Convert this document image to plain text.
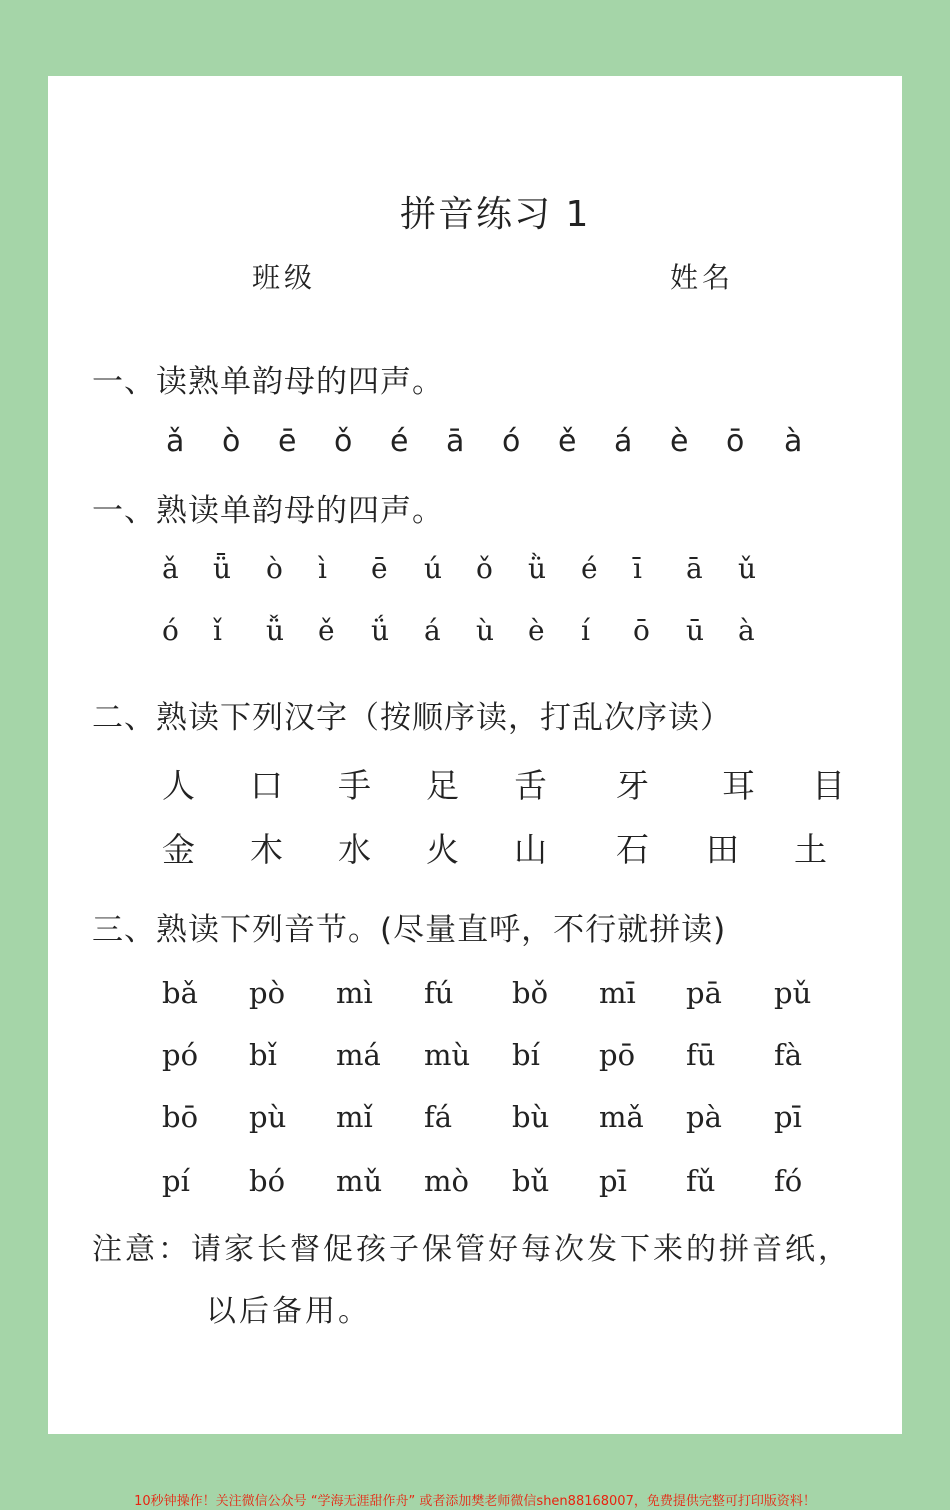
拼音练习 1
班级	姓名
一、读熟单韵母的四声。
ǎ ò ē ǒ é ā ó ě á è ō à
一、熟读单韵母的四声。
ǎ ǖ ò ì ē ú ǒ ǜ é ī ā ǔ
ó ǐ ǚ ě ǘ á ù è í ō ū à
二、熟读下列汉字（按顺序读，打乱次序读）
人 口 手 足 舌 牙 耳 目
金 木 水 火 山 石 田 土
三、熟读下列音节。(尽量直呼，不行就拼读)
bǎ pò mì fú bǒ mī pā pǔ
pó bǐ má mù bí pō fū fà
bō pù mǐ fá bù mǎ pà pī
pí bó mǔ mò bǔ pī fǔ fó
注意：请家长督促孩子保管好每次发下来的拼音纸，
以后备用。
10秒钟操作！关注微信公众号 “学海无涯甜作舟” 或者添加樊老师微信shen88168007，免费提供完整可打印版资料！
